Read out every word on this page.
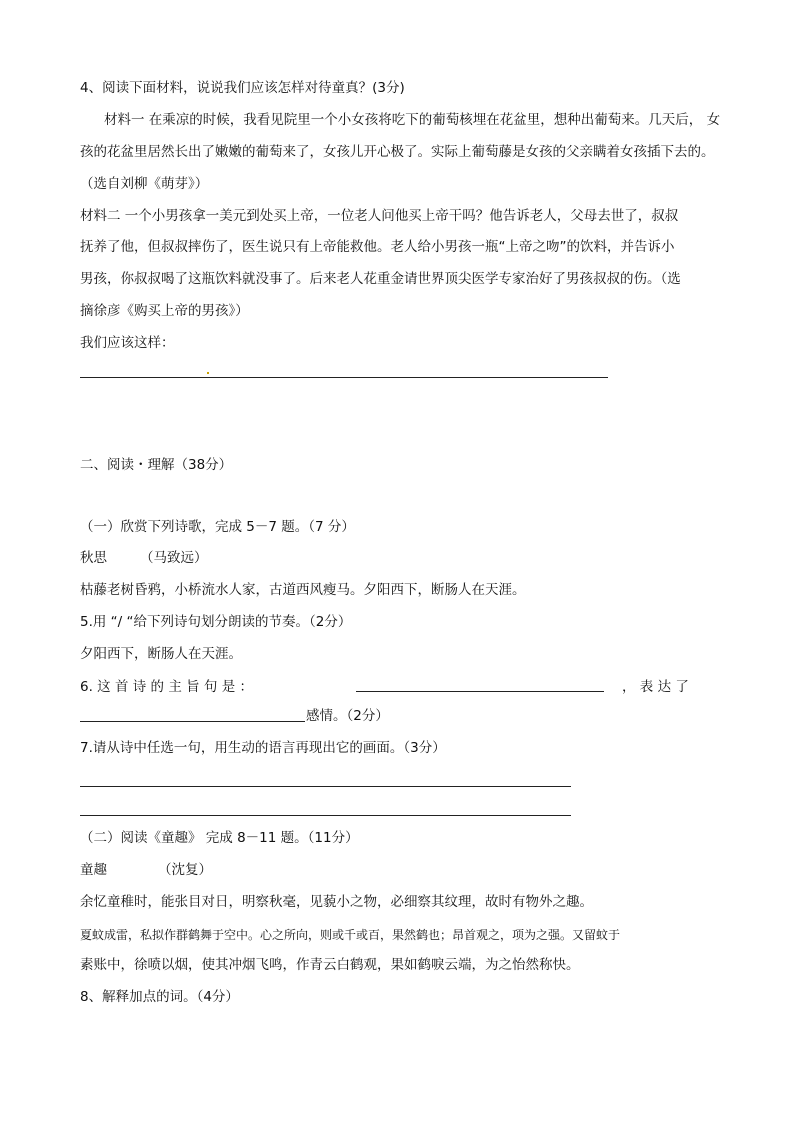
4、阅读下面材料，说说我们应该怎样对待童真？(3分)
材料一 在乘凉的时候，我看见院里一个小女孩将吃下的葡萄核埋在花盆里，想种出葡萄来。几天后， 女
孩的花盆里居然长出了嫩嫩的葡萄来了，女孩儿开心极了。实际上葡萄藤是女孩的父亲瞒着女孩插下去的。
（选自刘柳《萌芽》）
材料二 一个小男孩拿一美元到处买上帝，一位老人问他买上帝干吗？他告诉老人，父母去世了，叔叔
抚养了他，但叔叔摔伤了，医生说只有上帝能救他。老人给小男孩一瓶“上帝之吻”的饮料，并告诉小
男孩，你叔叔喝了这瓶饮料就没事了。后来老人花重金请世界顶尖医学专家治好了男孩叔叔的伤。（选
摘徐彦《购买上帝的男孩》）
我们应该这样：
二、阅读・理解（38分）
（一）欣赏下列诗歌，完成 5－7 题。（7 分）
秋思 （马致远）
枯藤老树昏鸦，小桥流水人家，古道西风瘦马。夕阳西下，断肠人在天涯。
5.用 “/ “给下列诗句划分朗读的节奏。（2分）
夕阳西下，断肠人在天涯。
6. 这 首 诗 的 主 旨 句 是 ：	， 表 达 了
感情。（2分）
7.请从诗中任选一句，用生动的语言再现出它的画面。（3分）
（二）阅读《童趣》 完成 8－11 题。（11分）
童趣	（沈复）
余忆童稚时，能张目对日，明察秋毫，见藐小之物，必细察其纹理，故时有物外之趣。
夏蚊成雷，私拟作群鹤舞于空中。心之所向，则或千或百，果然鹤也；昂首观之，项为之强。又留蚊于
素账中，徐喷以烟，使其冲烟飞鸣，作青云白鹤观，果如鹤唳云端，为之怡然称快。
8、解释加点的词。（4分）
